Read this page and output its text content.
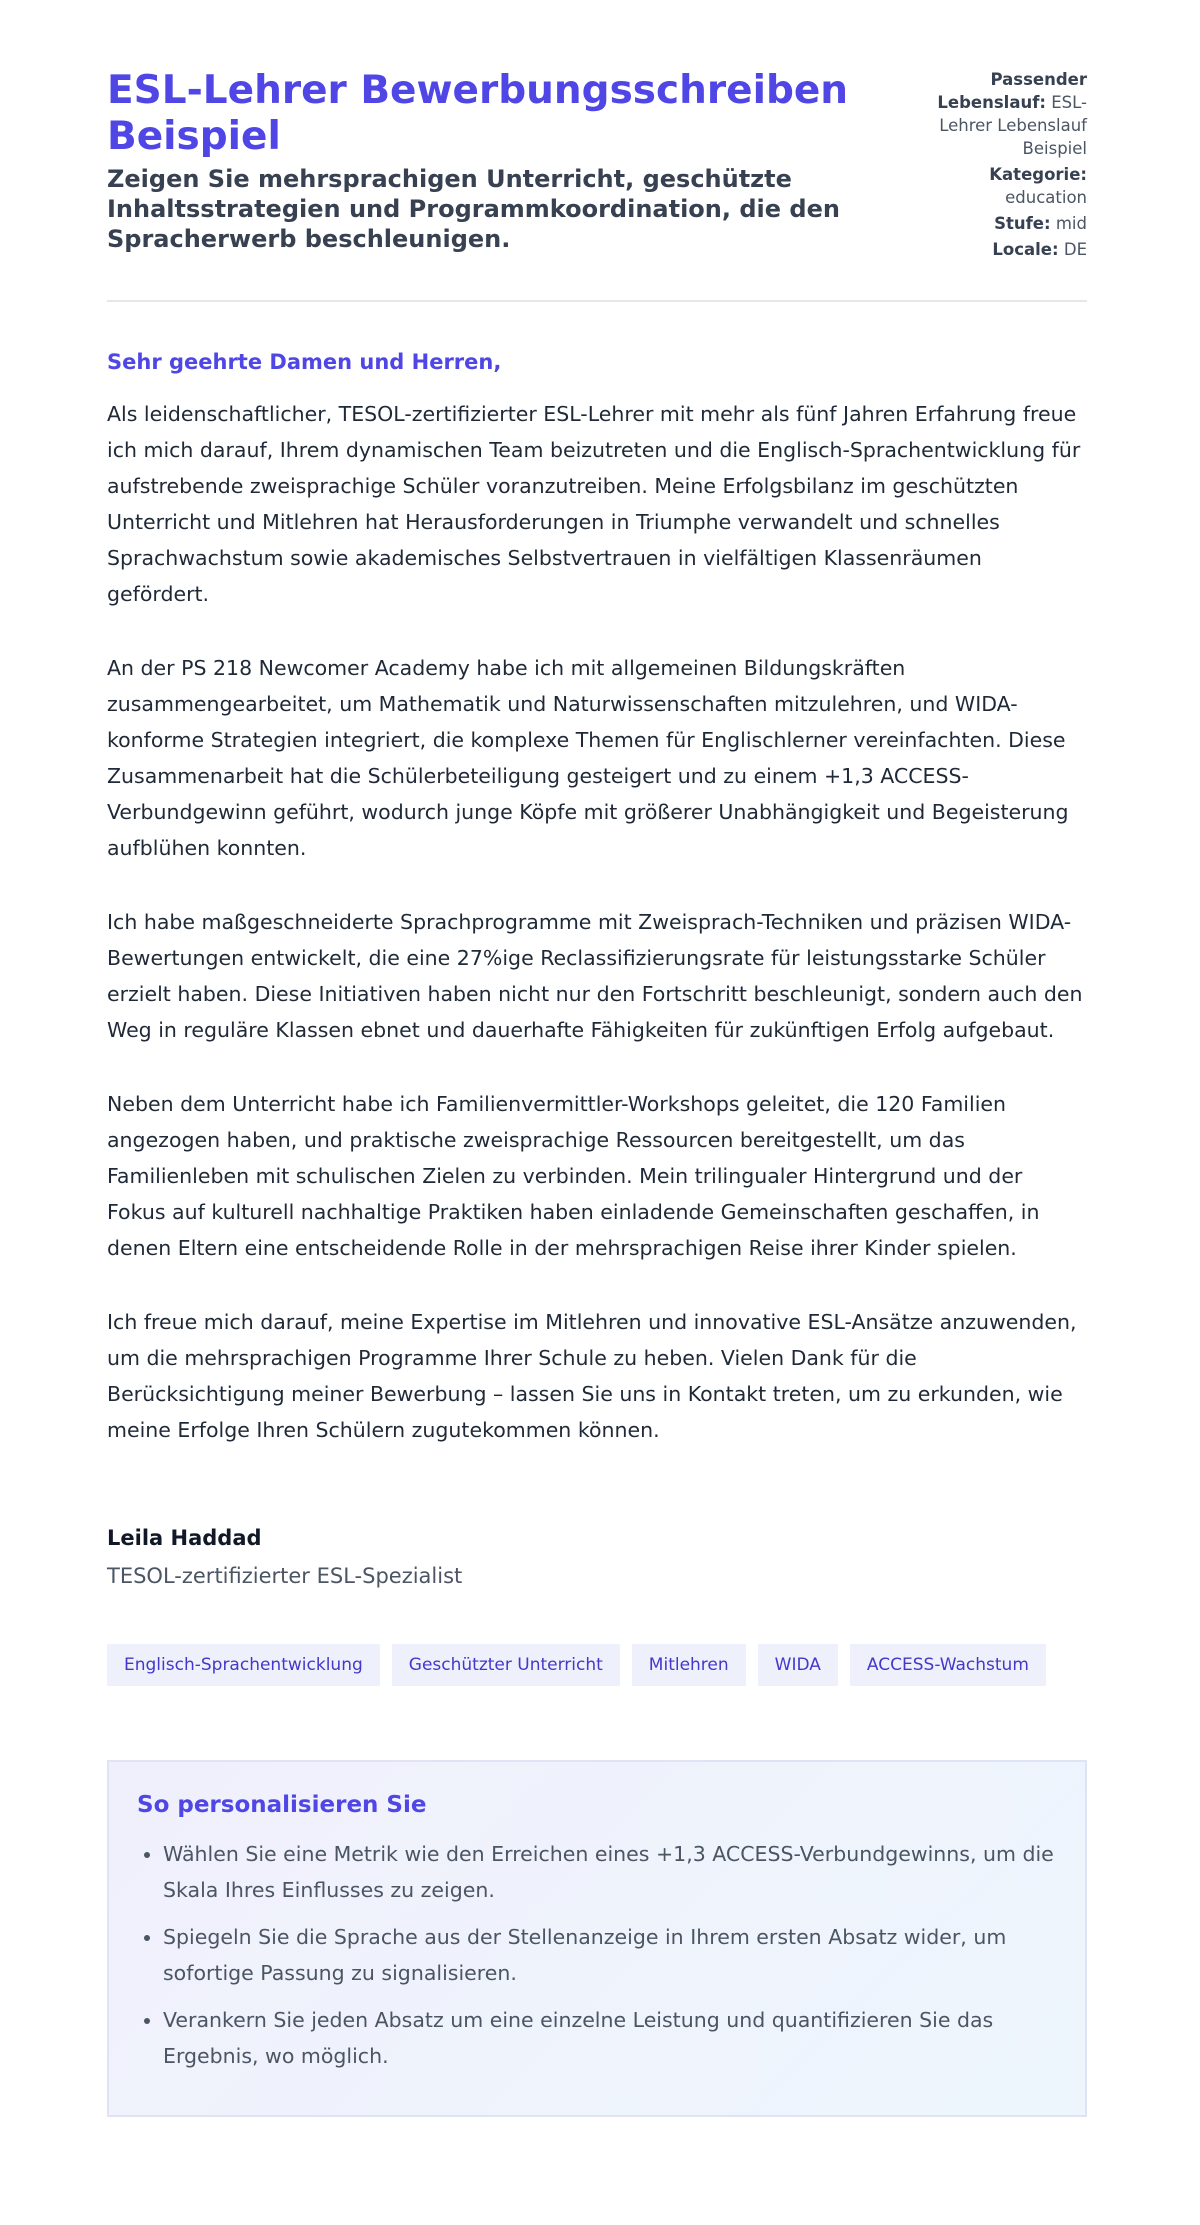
ESL-Lehrer Bewerbungsschreiben Beispiel
Zeigen Sie mehrsprachigen Unterricht, geschützte Inhaltsstrategien und Programmkoordination, die den Spracherwerb beschleunigen.
Passender Lebenslauf: ESL-Lehrer Lebenslauf Beispiel
Kategorie: education
Stufe: mid
Locale: DE
Sehr geehrte Damen und Herren,

Als leidenschaftlicher, TESOL-zertifizierter ESL-Lehrer mit mehr als fünf Jahren Erfahrung freue ich mich darauf, Ihrem dynamischen Team beizutreten und die Englisch-Sprachentwicklung für aufstrebende zweisprachige Schüler voranzutreiben. Meine Erfolgsbilanz im geschützten Unterricht und Mitlehren hat Herausforderungen in Triumphe verwandelt und schnelles Sprachwachstum sowie akademisches Selbstvertrauen in vielfältigen Klassenräumen gefördert.

An der PS 218 Newcomer Academy habe ich mit allgemeinen Bildungskräften zusammengearbeitet, um Mathematik und Naturwissenschaften mitzulehren, und WIDA-konforme Strategien integriert, die komplexe Themen für Englischlerner vereinfachten. Diese Zusammenarbeit hat die Schülerbeteiligung gesteigert und zu einem +1,3 ACCESS-Verbundgewinn geführt, wodurch junge Köpfe mit größerer Unabhängigkeit und Begeisterung aufblühen konnten.

Ich habe maßgeschneiderte Sprachprogramme mit Zweisprach-Techniken und präzisen WIDA-Bewertungen entwickelt, die eine 27%ige Reclassifizierungsrate für leistungsstarke Schüler erzielt haben. Diese Initiativen haben nicht nur den Fortschritt beschleunigt, sondern auch den Weg in reguläre Klassen ebnet und dauerhafte Fähigkeiten für zukünftigen Erfolg aufgebaut.

Neben dem Unterricht habe ich Familienvermittler-Workshops geleitet, die 120 Familien angezogen haben, und praktische zweisprachige Ressourcen bereitgestellt, um das Familienleben mit schulischen Zielen zu verbinden. Mein trilingualer Hintergrund und der Fokus auf kulturell nachhaltige Praktiken haben einladende Gemeinschaften geschaffen, in denen Eltern eine entscheidende Rolle in der mehrsprachigen Reise ihrer Kinder spielen.

Ich freue mich darauf, meine Expertise im Mitlehren und innovative ESL-Ansätze anzuwenden, um die mehrsprachigen Programme Ihrer Schule zu heben. Vielen Dank für die Berücksichtigung meiner Bewerbung – lassen Sie uns in Kontakt treten, um zu erkunden, wie meine Erfolge Ihren Schülern zugutekommen können.

Leila Haddad
TESOL-zertifizierter ESL-Spezialist
Englisch-Sprachentwicklung	Geschützter Unterricht	Mitlehren	WIDA	ACCESS-Wachstum
So personalisieren Sie
• Wählen Sie eine Metrik wie den Erreichen eines +1,3 ACCESS-Verbundgewinns, um die Skala Ihres Einflusses zu zeigen.
• Spiegeln Sie die Sprache aus der Stellenanzeige in Ihrem ersten Absatz wider, um sofortige Passung zu signalisieren.
• Verankern Sie jeden Absatz um eine einzelne Leistung und quantifizieren Sie das Ergebnis, wo möglich.
